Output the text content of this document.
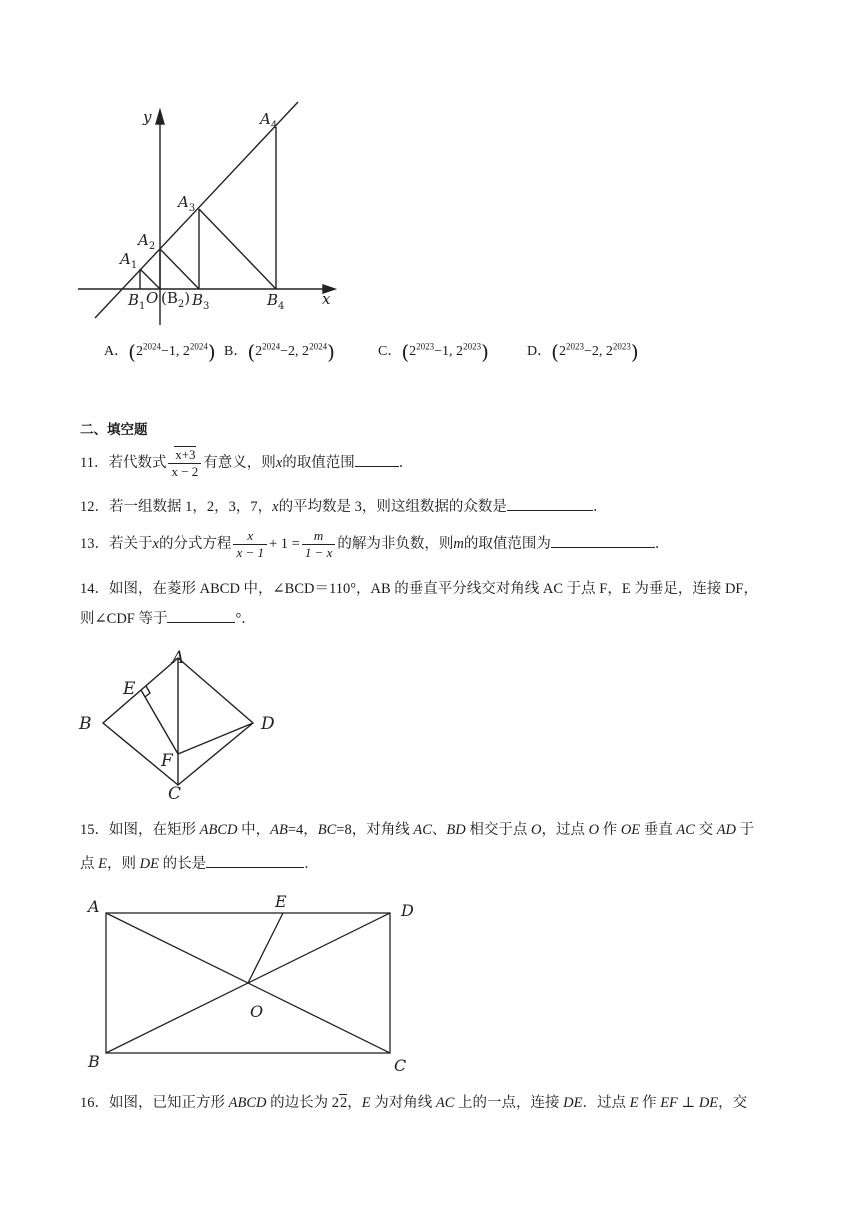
y
x
$A_1$
$A_2$
$A_3$
$A_4$
$B_1$ O $(B_2)$ $B_3$	$B_4$
A．($2^{2024}-1$, $2^{2024}$) B．($2^{2024}-2$, $2^{2024}$)	C．($2^{2023}-1$, $2^{2023}$)	D．($2^{2023}-2$, $2^{2023}$)
二、填空题
11．若代数式 $\frac{x+3}{x - 2}$ 有意义，则x的取值范围	．
12．若一组数据 1，2，3，7，x的平均数是 3，则这组数据的众数是	．
13．若关于x的分式方程 $\frac{x}{x - 1} + 1 = \frac{m}{1 - x}$ 的解为非负数，则m的取值范围为	．
14．如图，在菱形 ABCD 中，∠BCD＝110°，AB 的垂直平分线交对角线 AC 于点 F，E 为垂足，连接 DF，
则∠CDF 等于	°．
A
B
C
D
E
F
15．如图，在矩形 ABCD 中，AB=4，BC=8，对角线 AC、BD 相交于点 O，过点 O 作 OE 垂直 AC 交 AD 于
点 E，则 DE 的长是	．
A
B	C
D
E
O
16．如图，已知正方形 ABCD 的边长为 22，E 为对角线 AC 上的一点，连接 DE．过点 E 作 EF ⊥ DE，交
